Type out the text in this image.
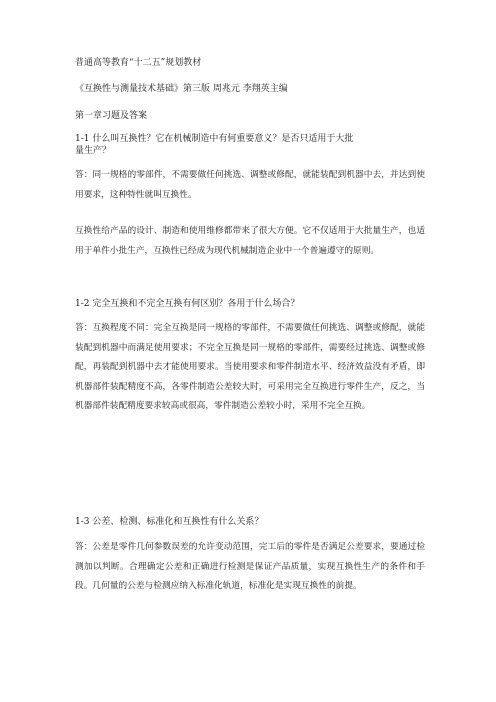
普通高等教育“十二五”规划教材

《互换性与测量技术基础》第三版 周兆元 李翔英主编

第一章习题及答案

1-1 什么叫互换性？它在机械制造中有何重要意义？是否只适用于大批量生产？

答：同一规格的零部件，不需要做任何挑选、调整或修配，就能装配到机器中去，并达到使用要求，这种特性就叫互换性。

互换性给产品的设计、制造和使用维修都带来了很大方便。它不仅适用于大批量生产，也适用于单件小批生产，互换性已经成为现代机械制造企业中一个普遍遵守的原则。

1-2 完全互换和不完全互换有何区别？各用于什么场合？

答：互换程度不同：完全互换是同一规格的零部件，不需要做任何挑选、调整或修配，就能装配到机器中而满足使用要求；不完全互换是同一规格的零部件，需要经过挑选、调整或修配，再装配到机器中去才能使用要求。当使用要求和零件制造水平、经济效益没有矛盾，即机器部件装配精度不高，各零件制造公差较大时，可采用完全互换进行零件生产，反之，当机器部件装配精度要求较高或很高，零件制造公差较小时，采用不完全互换。

1-3 公差、检测、标准化和互换性有什么关系？

答：公差是零件几何参数误差的允许变动范围，完工后的零件是否满足公差要求，要通过检测加以判断。合理确定公差和正确进行检测是保证产品质量，实现互换性生产的条件和手段。几何量的公差与检测应纳入标准化轨道，标准化是实现互换性的前提。
